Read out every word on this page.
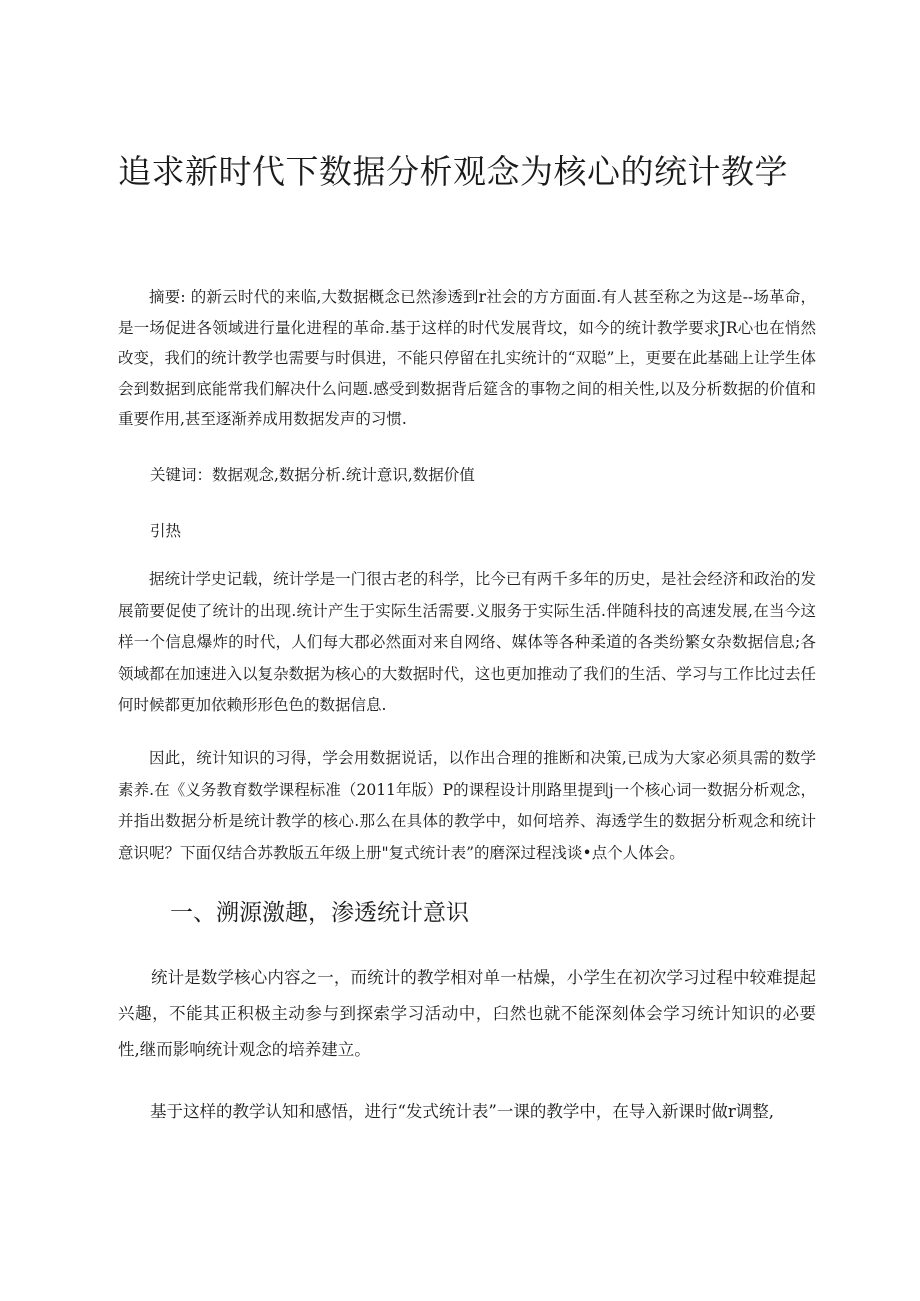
追求新时代下数据分析观念为核心的统计教学

摘要: 的新云时代的来临,大数据概念已然渗透到r社会的方方面面.有人甚至称之为这是--场革命，是一场促进各领域进行量化进程的革命.基于这样的时代发展背坟，如今的统计教学要求JR心也在悄然改变，我们的统计教学也需要与时俱进，不能只停留在扎实统计的“双聪”上，更要在此基础上让学生体会到数据到底能常我们解决什么问题.感受到数据背后筵含的事物之间的相关性,以及分析数据的价值和重要作用,甚至逐渐养成用数据发声的习惯.

关键词：数据观念,数据分析.统计意识,数据价值

引热

据统计学史记载，统计学是一门很古老的科学，比今已有两千多年的历史，是社会经济和政治的发展箭要促使了统计的出现.统计产生于实际生活需要.义服务于实际生活.伴随科技的高速发展,在当今这样一个信息爆炸的时代，人们每大郡必然面对来自网络、媒体等各种柔道的各类纷繁女杂数据信息;各领域都在加速进入以复杂数据为核心的大数据时代，这也更加推动了我们的生活、学习与工作比过去任何时候都更加依赖形形色色的数据信息.

因此，统计知识的习得，学会用数据说话，以作出合理的推断和决策,已成为大家必须具需的数学素养.在《义务教育数学课程标准（2011年版）P的课程设计刖路里提到j一个核心词一数据分析观念，并指出数据分析是统计教学的核心.那么在具体的教学中，如何培养、海透学生的数据分析观念和统计意识呢？下面仅结合苏教版五年级上册"复式统计表”的磨深过程浅谈•点个人体会。

一、溯源激趣，渗透统计意识

统计是数学核心内容之一，而统计的教学相对单一枯燥，小学生在初次学习过程中较难提起兴趣，不能其正积极主动参与到探索学习活动中，臼然也就不能深刻体会学习统计知识的必要性,继而影响统计观念的培养建立。

基于这样的教学认知和感悟，进行“发式统计表”一课的教学中，在导入新课时做r调整,
